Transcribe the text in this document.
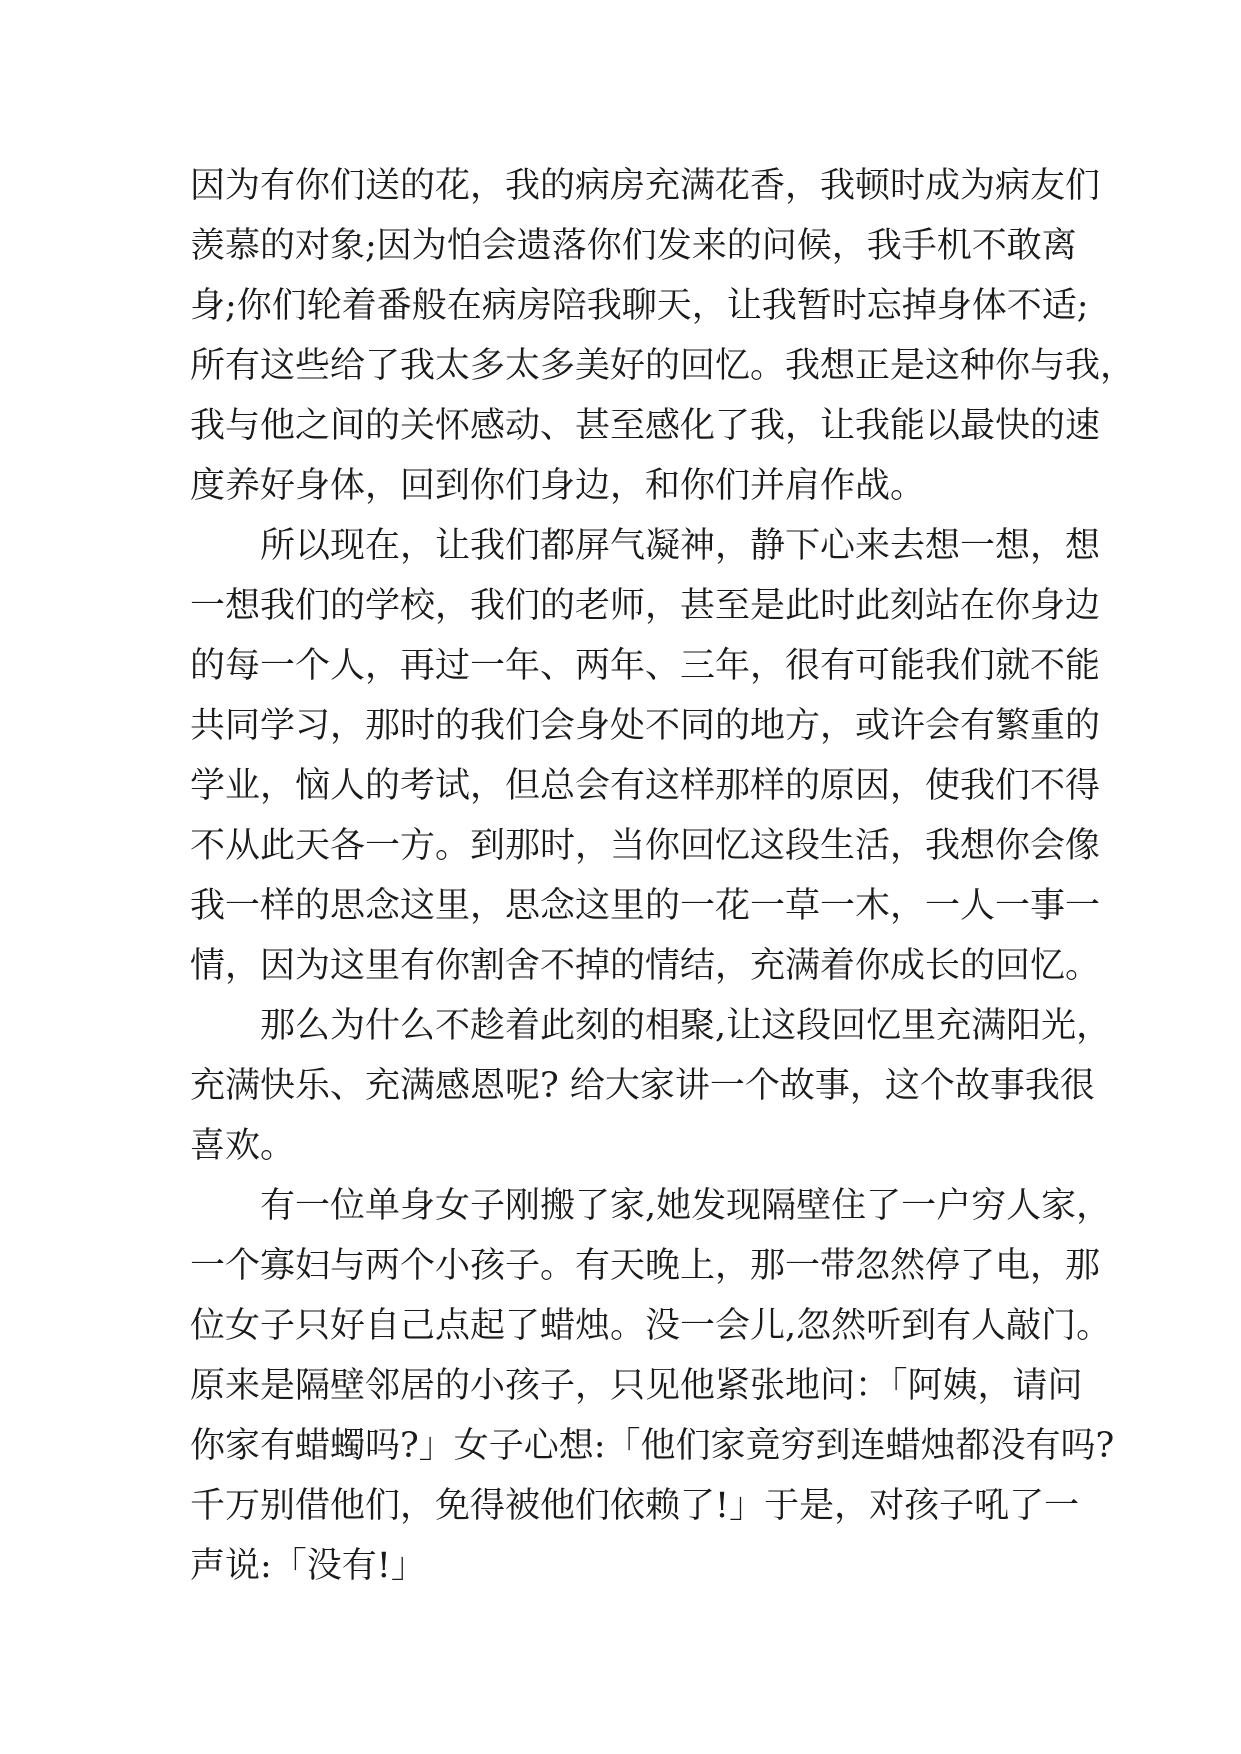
因为有你们送的花，我的病房充满花香，我顿时成为病友们
羡慕的对象;因为怕会遗落你们发来的问候，我手机不敢离
身;你们轮着番般在病房陪我聊天，让我暂时忘掉身体不适;
所有这些给了我太多太多美好的回忆。我想正是这种你与我，
我与他之间的关怀感动、甚至感化了我，让我能以最快的速
度养好身体，回到你们身边，和你们并肩作战。
所以现在，让我们都屏气凝神，静下心来去想一想，想
一想我们的学校，我们的老师，甚至是此时此刻站在你身边
的每一个人，再过一年、两年、三年，很有可能我们就不能
共同学习，那时的我们会身处不同的地方，或许会有繁重的
学业，恼人的考试，但总会有这样那样的原因，使我们不得
不从此天各一方。到那时，当你回忆这段生活，我想你会像
我一样的思念这里，思念这里的一花一草一木，一人一事一
情，因为这里有你割舍不掉的情结，充满着你成长的回忆。
那么为什么不趁着此刻的相聚,让这段回忆里充满阳光，
充满快乐、充满感恩呢? 给大家讲一个故事，这个故事我很
喜欢。
有一位单身女子刚搬了家,她发现隔壁住了一户穷人家，
一个寡妇与两个小孩子。有天晚上，那一带忽然停了电，那
位女子只好自己点起了蜡烛。没一会儿,忽然听到有人敲门。
原来是隔壁邻居的小孩子，只见他紧张地问：「阿姨，请问
你家有蜡蠋吗?」女子心想:「他们家竟穷到连蜡烛都没有吗?
千万别借他们，免得被他们依赖了!」于是，对孩子吼了一
声说:「没有!」
